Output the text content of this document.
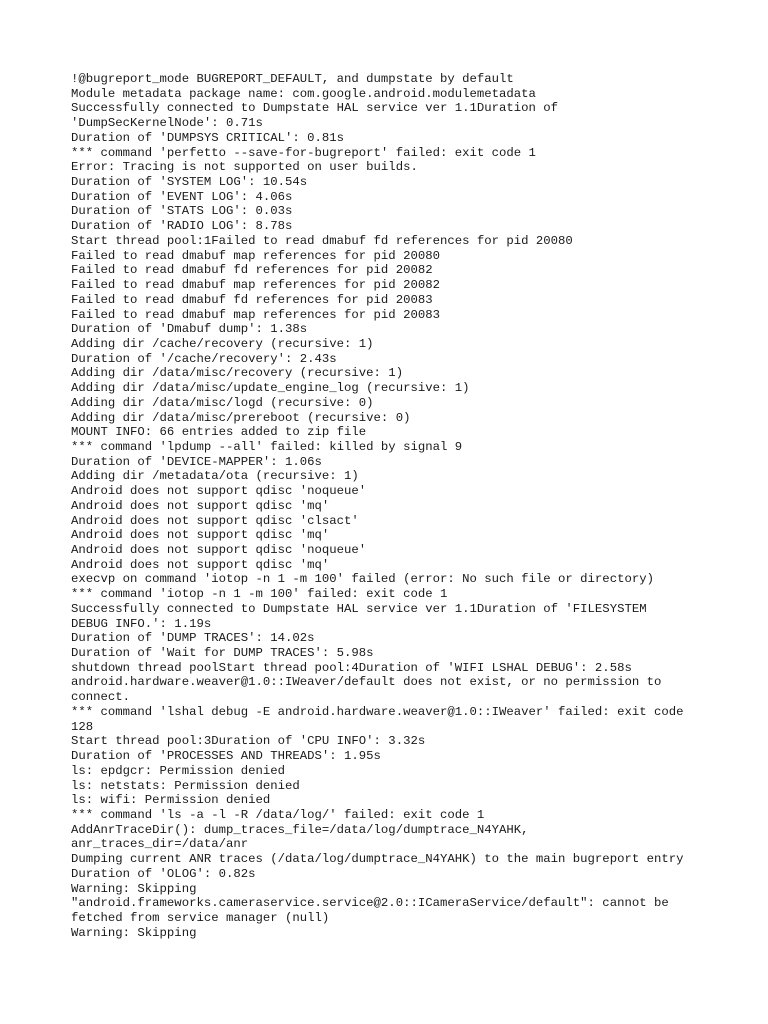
!@bugreport_mode BUGREPORT_DEFAULT, and dumpstate by default
Module metadata package name: com.google.android.modulemetadata
Successfully connected to Dumpstate HAL service ver 1.1Duration of
'DumpSecKernelNode': 0.71s
Duration of 'DUMPSYS CRITICAL': 0.81s
*** command 'perfetto --save-for-bugreport' failed: exit code 1
Error: Tracing is not supported on user builds.
Duration of 'SYSTEM LOG': 10.54s
Duration of 'EVENT LOG': 4.06s
Duration of 'STATS LOG': 0.03s
Duration of 'RADIO LOG': 8.78s
Start thread pool:1Failed to read dmabuf fd references for pid 20080
Failed to read dmabuf map references for pid 20080
Failed to read dmabuf fd references for pid 20082
Failed to read dmabuf map references for pid 20082
Failed to read dmabuf fd references for pid 20083
Failed to read dmabuf map references for pid 20083
Duration of 'Dmabuf dump': 1.38s
Adding dir /cache/recovery (recursive: 1)
Duration of '/cache/recovery': 2.43s
Adding dir /data/misc/recovery (recursive: 1)
Adding dir /data/misc/update_engine_log (recursive: 1)
Adding dir /data/misc/logd (recursive: 0)
Adding dir /data/misc/prereboot (recursive: 0)
MOUNT INFO: 66 entries added to zip file
*** command 'lpdump --all' failed: killed by signal 9
Duration of 'DEVICE-MAPPER': 1.06s
Adding dir /metadata/ota (recursive: 1)
Android does not support qdisc 'noqueue'
Android does not support qdisc 'mq'
Android does not support qdisc 'clsact'
Android does not support qdisc 'mq'
Android does not support qdisc 'noqueue'
Android does not support qdisc 'mq'
execvp on command 'iotop -n 1 -m 100' failed (error: No such file or directory)
*** command 'iotop -n 1 -m 100' failed: exit code 1
Successfully connected to Dumpstate HAL service ver 1.1Duration of 'FILESYSTEM
DEBUG INFO.': 1.19s
Duration of 'DUMP TRACES': 14.02s
Duration of 'Wait for DUMP TRACES': 5.98s
shutdown thread poolStart thread pool:4Duration of 'WIFI LSHAL DEBUG': 2.58s
android.hardware.weaver@1.0::IWeaver/default does not exist, or no permission to
connect.
*** command 'lshal debug -E android.hardware.weaver@1.0::IWeaver' failed: exit code
128
Start thread pool:3Duration of 'CPU INFO': 3.32s
Duration of 'PROCESSES AND THREADS': 1.95s
ls: epdgcr: Permission denied
ls: netstats: Permission denied
ls: wifi: Permission denied
*** command 'ls -a -l -R /data/log/' failed: exit code 1
AddAnrTraceDir(): dump_traces_file=/data/log/dumptrace_N4YAHK,
anr_traces_dir=/data/anr
Dumping current ANR traces (/data/log/dumptrace_N4YAHK) to the main bugreport entry
Duration of 'OLOG': 0.82s
Warning: Skipping
"android.frameworks.cameraservice.service@2.0::ICameraService/default": cannot be
fetched from service manager (null)
Warning: Skipping
